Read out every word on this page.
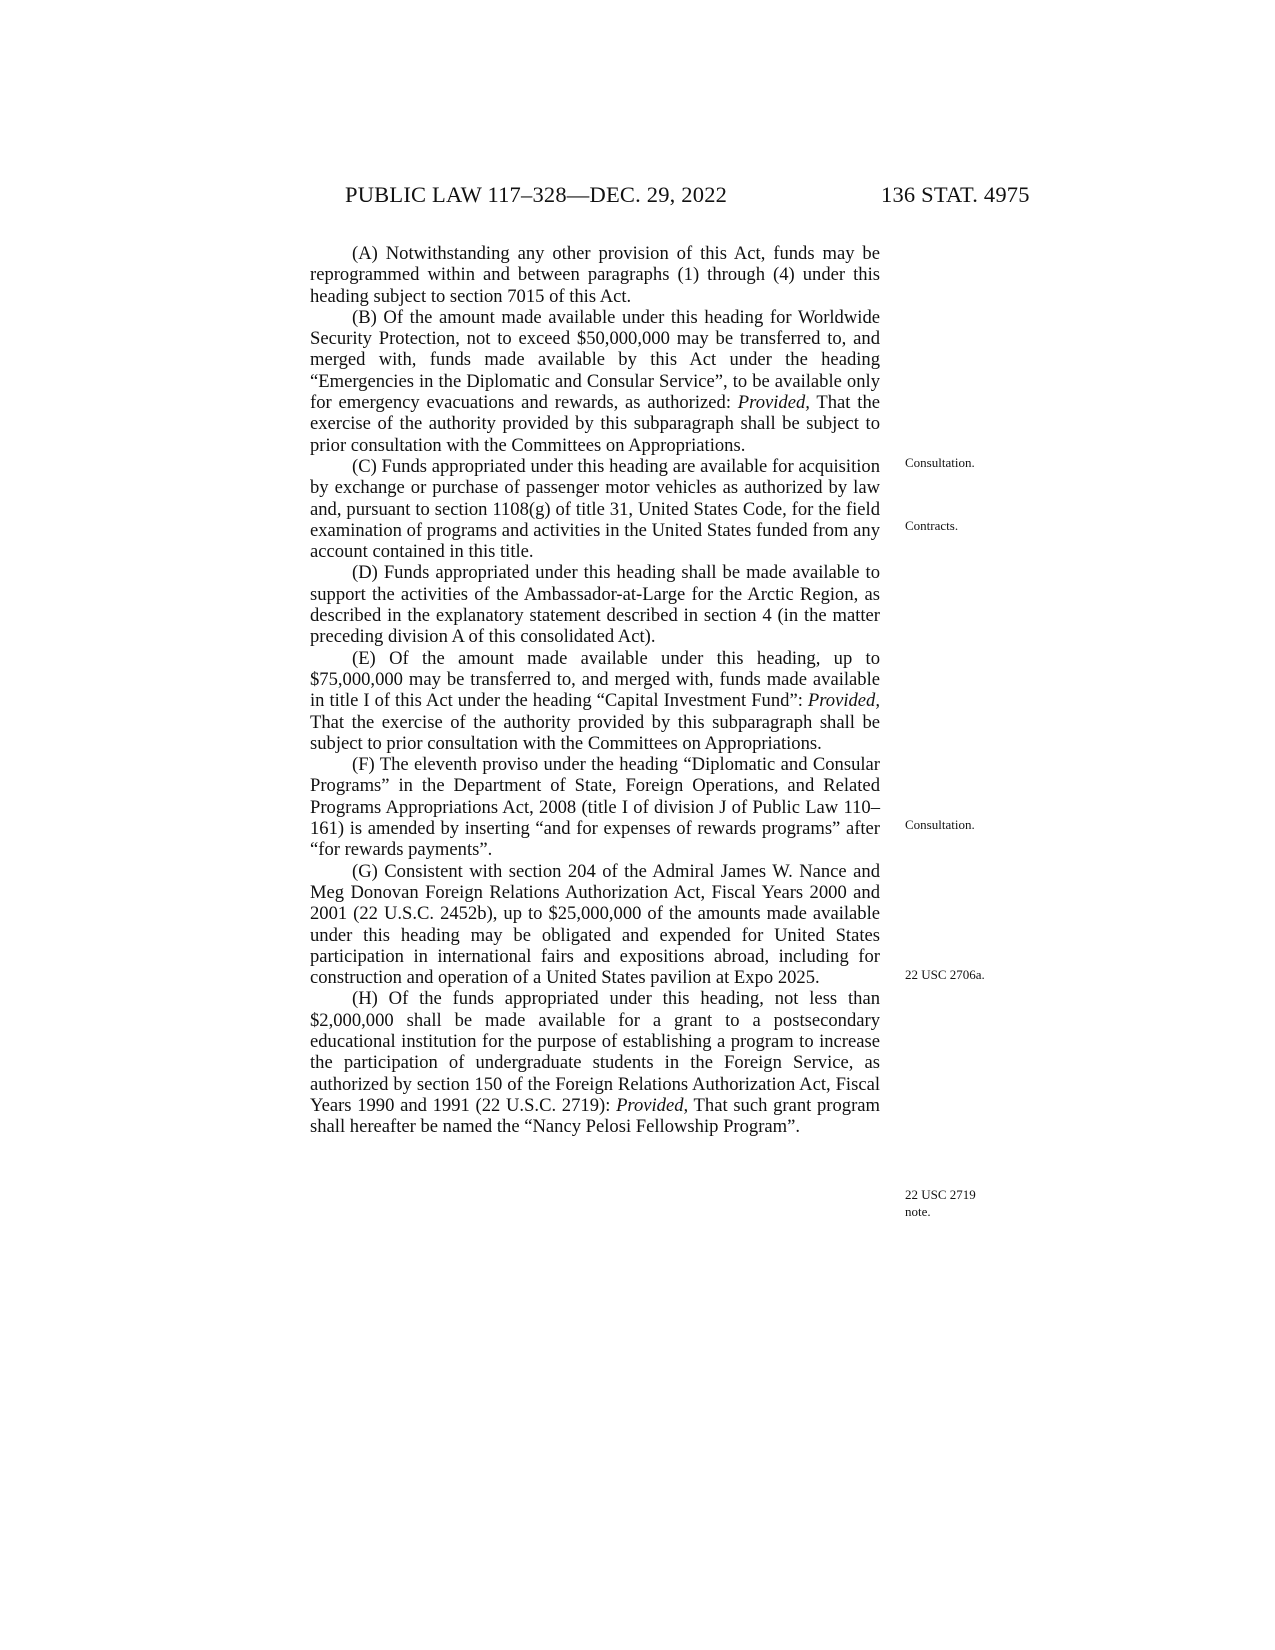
PUBLIC LAW 117–328—DEC. 29, 2022	136 STAT. 4975

(A) Notwithstanding any other provision of this Act, funds may be reprogrammed within and between paragraphs (1) through (4) under this heading subject to section 7015 of this Act.

(B) Of the amount made available under this heading for Worldwide Security Protection, not to exceed $50,000,000 may be transferred to, and merged with, funds made available by this Act under the heading “Emergencies in the Diplomatic and Consular Service”, to be available only for emergency evacuations and rewards, as authorized: Provided, That the exercise of the authority provided by this subparagraph shall be subject to prior consultation with the Committees on Appropriations.

(C) Funds appropriated under this heading are available for acquisition by exchange or purchase of passenger motor vehicles as authorized by law and, pursuant to section 1108(g) of title 31, United States Code, for the field examination of programs and activities in the United States funded from any account contained in this title.

(D) Funds appropriated under this heading shall be made available to support the activities of the Ambassador-at-Large for the Arctic Region, as described in the explanatory statement described in section 4 (in the matter preceding division A of this consolidated Act).

(E) Of the amount made available under this heading, up to $75,000,000 may be transferred to, and merged with, funds made available in title I of this Act under the heading “Capital Investment Fund”: Provided, That the exercise of the authority provided by this subparagraph shall be subject to prior consultation with the Committees on Appropriations.

(F) The eleventh proviso under the heading “Diplomatic and Consular Programs” in the Department of State, Foreign Operations, and Related Programs Appropriations Act, 2008 (title I of division J of Public Law 110–161) is amended by inserting “and for expenses of rewards programs” after “for rewards payments”.

(G) Consistent with section 204 of the Admiral James W. Nance and Meg Donovan Foreign Relations Authorization Act, Fiscal Years 2000 and 2001 (22 U.S.C. 2452b), up to $25,000,000 of the amounts made available under this heading may be obligated and expended for United States participation in international fairs and expositions abroad, including for construction and operation of a United States pavilion at Expo 2025.

(H) Of the funds appropriated under this heading, not less than $2,000,000 shall be made available for a grant to a postsecondary educational institution for the purpose of establishing a program to increase the participation of undergraduate students in the Foreign Service, as authorized by section 150 of the Foreign Relations Authorization Act, Fiscal Years 1990 and 1991 (22 U.S.C. 2719): Provided, That such grant program shall hereafter be named the “Nancy Pelosi Fellowship Program”.

Consultation.
Contracts.
Consultation.
22 USC 2706a.
22 USC 2719
note.
